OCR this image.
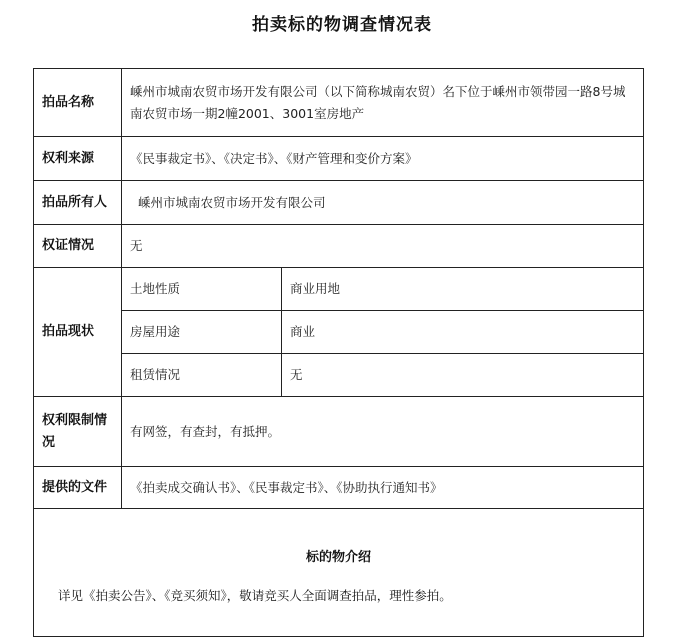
拍卖标的物调查情况表
拍品名称	嵊州市城南农贸市场开发有限公司（以下简称城南农贸）名下位于嵊州市领带园一路8号城南农贸市场一期2幢2001、3001室房地产	
权利来源	《民事裁定书》、《决定书》、《财产管理和变价方案》	
拍品所有人	嵊州市城南农贸市场开发有限公司	
权证情况	无	
拍品现状	土地性质	商业用地
	房屋用途	商业
	租赁情况	无
权利限制情况	有网签，有查封，有抵押。	
提供的文件	《拍卖成交确认书》、《民事裁定书》、《协助执行通知书》	

标的物介绍
详见《拍卖公告》、《竞买须知》，敬请竞买人全面调查拍品，理性参拍。		
